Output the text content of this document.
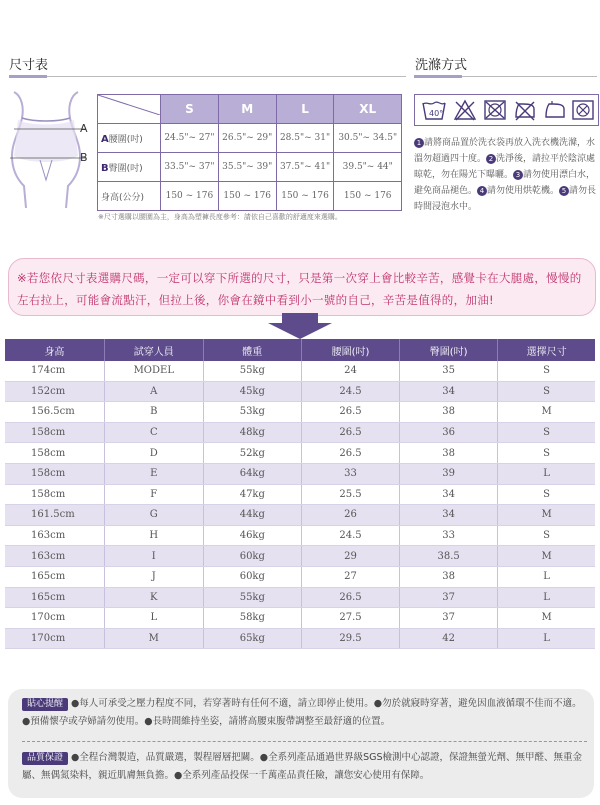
尺寸表
A
B
	S	M	L	XL
A腰圍(吋)	24.5"~ 27"	26.5"~ 29"	28.5"~ 31"	30.5"~ 34.5"
B臀圍(吋)	33.5"~ 37"	35.5"~ 39"	37.5"~ 41"	39.5"~ 44"
身高(公分)	150 ~ 176	150 ~ 176	150 ~ 176	150 ~ 176
※尺寸選購以腰圍為主，身高為塑褲長度參考：請依自己喜歡的舒適度來選購。
洗滌方式
40°
1 請將商品置於洗衣袋再放入洗衣機洗滌，水溫勿超過四十度。 2 洗淨後，請拉平於陰涼處晾乾，勿在陽光下曝曬。 3 請勿使用漂白水，避免商品褪色。 4 請勿使用烘乾機。 5 請勿長時間浸泡水中。
※若您依尺寸表選購尺碼，一定可以穿下所選的尺寸，只是第一次穿上會比較辛苦，感覺卡在大腿處，慢慢的左右拉上，可能會流點汗，但拉上後，你會在鏡中看到小一號的自己，辛苦是值得的，加油!
身高	試穿人員	體重	腰圍(吋)	臀圍(吋)	選擇尺寸
174cm	MODEL	55kg	24	35	S
152cm	A	45kg	24.5	34	S
156.5cm	B	53kg	26.5	38	M
158cm	C	48kg	26.5	36	S
158cm	D	52kg	26.5	38	S
158cm	E	64kg	33	39	L
158cm	F	47kg	25.5	34	S
161.5cm	G	44kg	26	34	M
163cm	H	46kg	24.5	33	S
163cm	I	60kg	29	38.5	M
165cm	J	60kg	27	38	L
165cm	K	55kg	26.5	37	L
170cm	L	58kg	27.5	37	M
170cm	M	65kg	29.5	42	L
貼心提醒 ●每人可承受之壓力程度不同，若穿著時有任何不適，請立即停止使用。●勿於就寢時穿著，避免因血液循環不佳而不適。●預備懷孕或孕婦請勿使用。●長時間維持坐姿，請將高腰束腹帶調整至最舒適的位置。
品質保證 ●全程台灣製造，品質嚴選，製程層層把關。●全系列產品通過世界級SGS檢測中心認證，保證無螢光劑、無甲醛、無重金屬、無偶氮染料，親近肌膚無負擔。●全系列產品投保一千萬產品責任險，讓您安心使用有保障。
